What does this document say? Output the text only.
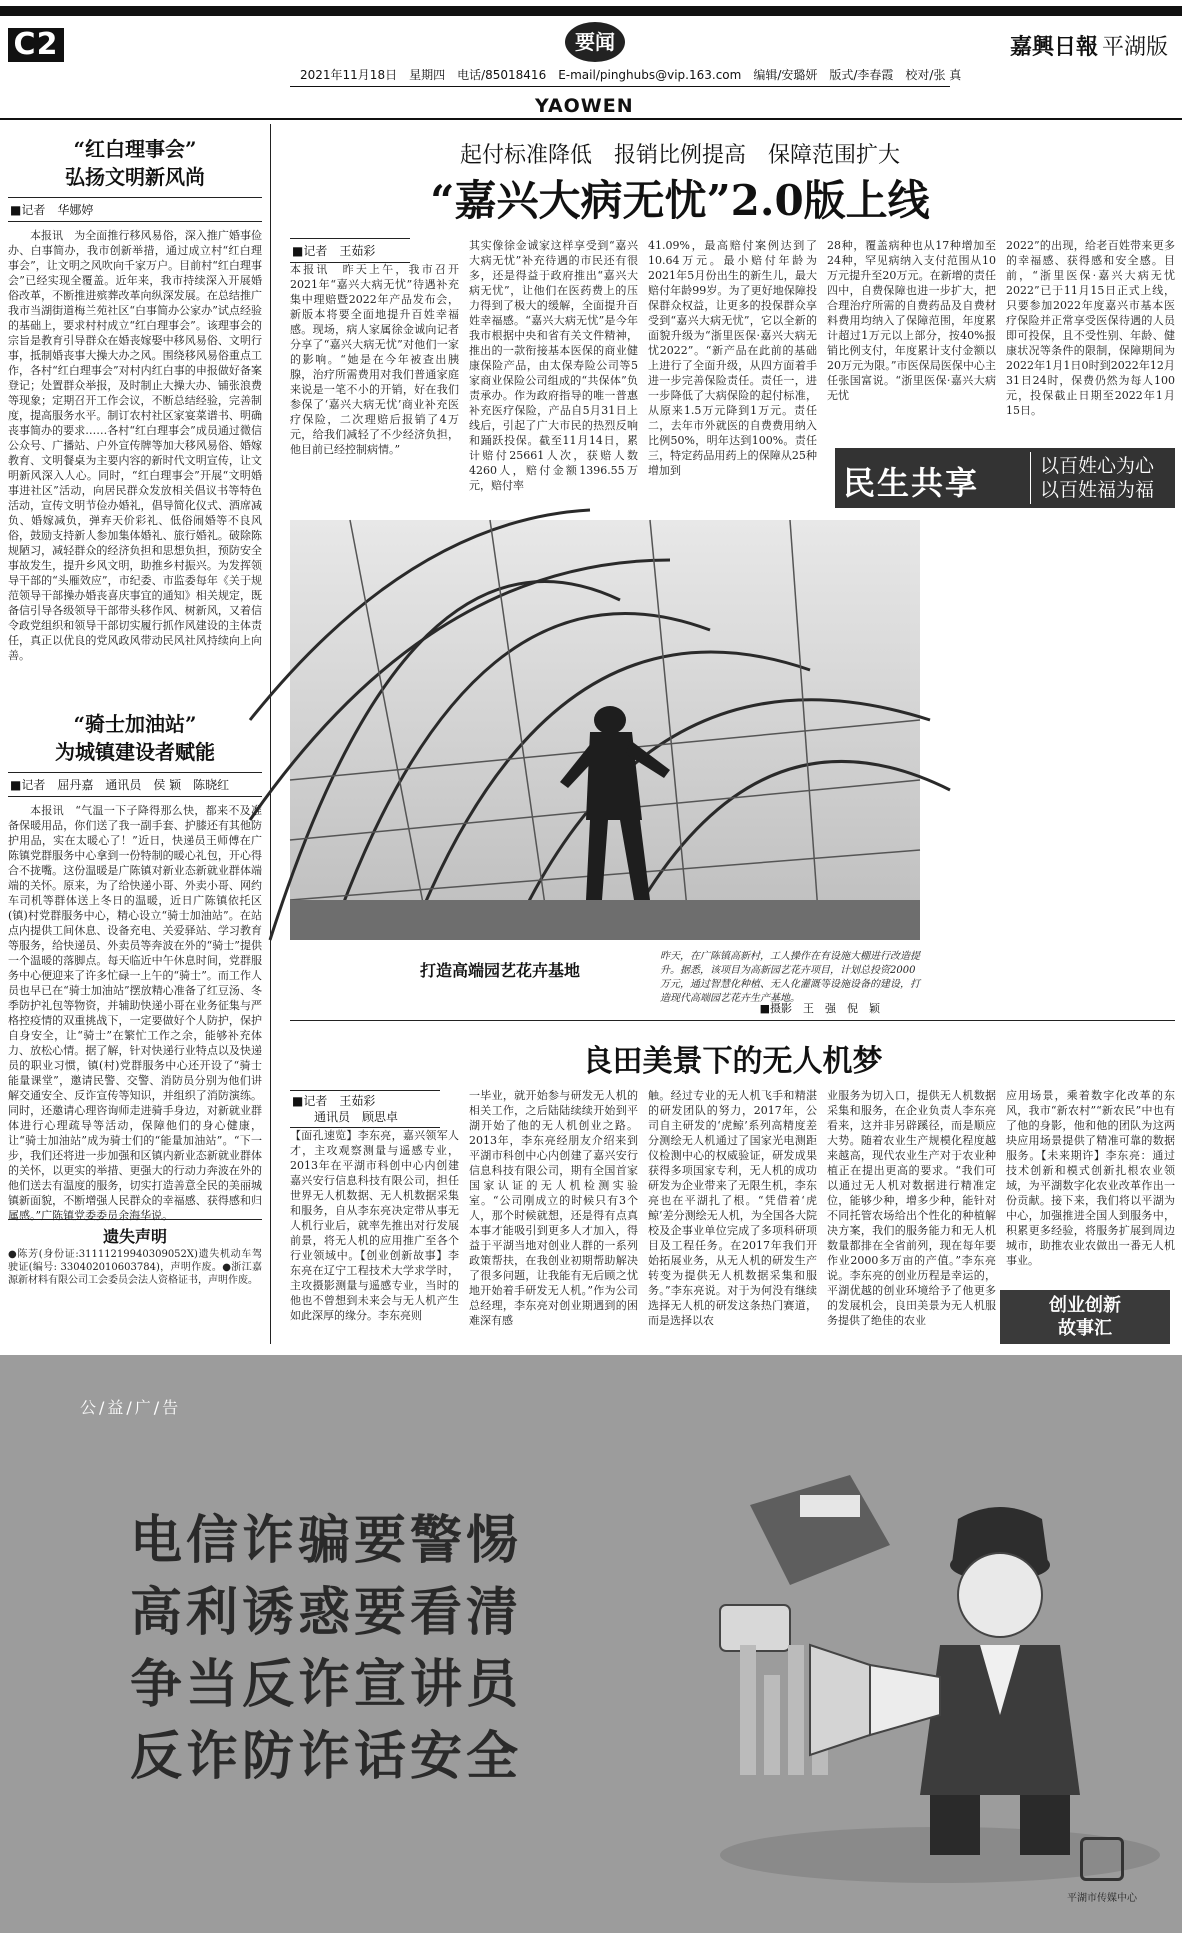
C2	要闻	嘉興日報 平湖版
2021年11月18日　星期四　电话/85018416　E-mail/pinghubs@vip.163.com　编辑/安璐妍　版式/李春霞　校对/张 真
YAOWEN
“红白理事会”
弘扬文明新风尚
■记者　华娜婷
本报讯　为全面推行移风易俗，深入推广婚事俭办、白事简办，我市创新举措，通过成立村“红白理事会”，让文明之风吹向千家万户。目前村“红白理事会”已经实现全覆盖。近年来，我市持续深入开展婚俗改革，不断推进殡葬改革向纵深发展。在总结推广我市当湖街道梅兰苑社区“白事简办公家办”试点经验的基础上，要求村村成立“红白理事会”。该理事会的宗旨是教育引导群众在婚丧嫁娶中移风易俗、文明行事，抵制婚丧事大操大办之风。围绕移风易俗重点工作，各村“红白理事会”对村内红白事的申报做好备案登记；处置群众举报，及时制止大操大办、铺张浪费等现象；定期召开工作会议，不断总结经验，完善制度，提高服务水平。制订农村社区家宴菜谱书、明确丧事简办的要求……各村“红白理事会”成员通过微信公众号、广播站、户外宣传牌等加大移风易俗、婚嫁教育、文明餐桌为主要内容的新时代文明宣传，让文明新风深入人心。同时，“红白理事会”开展“文明婚事进社区”活动，向居民群众发放相关倡议书等特色活动，宣传文明节俭办婚礼，倡导简化仪式、酒席减负、婚嫁减负，弹弃天价彩礼、低俗闹婚等不良风俗，鼓励支持新人参加集体婚礼、旅行婚礼。破除陈规陋习，减轻群众的经济负担和思想负担，预防安全事故发生，提升乡风文明，助推乡村振兴。为发挥领导干部的“头雁效应”，市纪委、市监委每年《关于规范领导干部操办婚丧喜庆事宜的通知》相关规定，既备信引导各级领导干部带头移作风、树新风，又着信令政党组织和领导干部切实履行抓作风建设的主体责任，真正以优良的党风政风带动民风社风持续向上向善。
“骑士加油站”
为城镇建设者赋能
■记者　屈丹嘉　通讯员　侯 颖　陈晓红
本报讯　“气温一下子降得那么快，都来不及准备保暖用品，你们送了我一副手套、护膝还有其他防护用品，实在太暖心了！”近日，快递员王师傅在广陈镇党群服务中心拿到一份特制的暖心礼包，开心得合不拢嘴。这份温暖是广陈镇对新业态新就业群体端端的关怀。原来，为了给快递小哥、外卖小哥、网约车司机等群体送上冬日的温暖，近日广陈镇依托区(镇)村党群服务中心，精心设立“骑士加油站”。在站点内提供工间休息、设备充电、关爱驿站、学习教育等服务，给快递员、外卖员等奔波在外的“骑士”提供一个温暖的落脚点。每天临近中午休息时间，党群服务中心便迎来了许多忙碌一上午的“骑士”。而工作人员也早已在“骑士加油站”摆放精心准备了红豆汤、冬季防护礼包等物资，并辅助快递小哥在业务征集与严格控疫情的双重挑战下，一定要做好个人防护，保护自身安全，让“骑士”在繁忙工作之余，能够补充体力、放松心情。据了解，针对快递行业特点以及快递员的职业习惯，镇(村)党群服务中心还开设了“骑士能量课堂”，邀请民警、交警、消防员分别为他们讲解交通安全、反诈宣传等知识，并组织了消防演练。同时，还邀请心理咨询师走进骑手身边，对新就业群体进行心理疏导等活动，保障他们的身心健康，让“骑士加油站”成为骑士们的“能量加油站”。“下一步，我们还将进一步加强和区镇内新业态新就业群体的关怀，以更实的举措、更强大的行动力奔波在外的他们送去有温度的服务，切实打造善意全民的美丽城镇新面貌，不断增强人民群众的幸福感、获得感和归属感。”广陈镇党委委员余海华说。
遗失声明
●陈芳(身份证:31111219940309052X)遗失机动车驾驶证(编号: 330402010603784)，声明作废。●浙江嘉源新材料有限公司工会委员会法人资格证书，声明作废。
起付标准降低　报销比例提高　保障范围扩大
“嘉兴大病无忧”2.0版上线
■记者　王茹彩
本报讯　昨天上午，我市召开2021年“嘉兴大病无忧”待遇补充集中理赔暨2022年产品发布会，新版本将要全面地提升百姓幸福感。现场，病人家属徐金诚向记者分享了“嘉兴大病无忧”对他们一家的影响。“她是在今年被查出胰腺，治疗所需费用对我们普通家庭来说是一笔不小的开销，好在我们参保了‘嘉兴大病无忧’商业补充医疗保险，二次理赔后报销了4万元，给我们减轻了不少经济负担，他目前已经控制病情。”
其实像徐金诚家这样享受到“嘉兴大病无忧”补充待遇的市民还有很多，还是得益于政府推出“嘉兴大病无忧”，让他们在医药费上的压力得到了极大的缓解，全面提升百姓幸福感。“嘉兴大病无忧”是今年我市根据中央和省有关文件精神，推出的一款衔接基本医保的商业健康保险产品，由太保寿险公司等5家商业保险公司组成的“共保体”负责承办。作为政府指导的唯一普惠补充医疗保险，产品自5月31日上线后，引起了广大市民的热烈反响和踊跃投保。截至11月14日，累计赔付25661人次，获赔人数4260人，赔付金额1396.55万元，赔付率
41.09%，最高赔付案例达到了10.64万元。最小赔付年龄为2021年5月份出生的新生儿，最大赔付年龄99岁。为了更好地保障投保群众权益，让更多的投保群众享受到“嘉兴大病无忧”，它以全新的面貌升级为“浙里医保·嘉兴大病无忧2022”。“新产品在此前的基础上进行了全面升级，从四方面着手进一步完善保险责任。责任一，进一步降低了大病保险的起付标准，从原来1.5万元降到1万元。责任二，去年市外就医的自费费用纳入比例50%，明年达到100%。责任三，特定药品用药上的保障从25种增加到
28种，覆盖病种也从17种增加至24种，罕见病纳入支付范围从10万元提升至20万元。在新增的责任四中，自费保障也进一步扩大，把合理治疗所需的自费药品及自费材料费用均纳入了保障范围，年度累计超过1万元以上部分，按40%报销比例支付，年度累计支付金额以20万元为限。”市医保局医保中心主任张国富说。“浙里医保·嘉兴大病无忧
2022”的出现，给老百姓带来更多的幸福感、获得感和安全感。目前，“浙里医保·嘉兴大病无忧2022”已于11月15日正式上线，只要参加2022年度嘉兴市基本医疗保险并正常享受医保待遇的人员即可投保，且不受性别、年龄、健康状况等条件的限制，保障期间为2022年1月1日0时到2022年12月31日24时，保费仍然为每人100元，投保截止日期至2022年1月15日。
民生共享	以百姓心为心
以百姓福为福
打造高端园艺花卉基地
昨天，在广陈镇高新村，工人操作在有设施大棚进行改造提升。据悉，该项目为高新园艺花卉项目，计划总投资2000万元，通过智慧化种植、无人化灌溉等设施设备的建设，打造现代高端园艺花卉生产基地。
■摄影　王　强　倪　颖
良田美景下的无人机梦
■记者　王茹彩
通讯员　顾思卓
【面孔速览】李东亮，嘉兴领军人才，主攻观察测量与遥感专业，2013年在平湖市科创中心内创建嘉兴安行信息科技有限公司，担任世界无人机数据、无人机数据采集和服务，自从李东亮决定带从事无人机行业后，就率先推出对行发展前景，将无人机的应用推广至各个行业领域中。【创业创新故事】李东亮在辽宁工程技术大学求学时，主攻摄影测量与遥感专业，当时的他也不曾想到未来会与无人机产生如此深厚的缘分。李东亮则
一毕业，就开始参与研发无人机的相关工作，之后陆陆续续开始到平湖开始了他的无人机创业之路。2013年，李东亮经朋友介绍来到平湖市科创中心内创建了嘉兴安行信息科技有限公司，期有全国首家国家认证的无人机检测实验室。“公司刚成立的时候只有3个人，那个时候就想，还是得有点真本事才能吸引到更多人才加入，得益于平湖当地对创业人群的一系列政策帮扶，在我创业初期帮助解决了很多问题，让我能有无后顾之忧地开始着手研发无人机。”作为公司总经理，李东亮对创业期遇到的困难深有感
触。经过专业的无人机飞手和精湛的研发团队的努力，2017年，公司自主研发的‘虎鲸’系列高精度差分测绘无人机通过了国家光电测距仪检测中心的权威验证，研发成果获得多项国家专利，无人机的成功研发为企业带来了无限生机，李东亮也在平湖扎了根。“凭借着‘虎鲸’差分测绘无人机，为全国各大院校及企事业单位完成了多项科研项目及工程任务。在2017年我们开始拓展业务，从无人机的研发生产转变为提供无人机数据采集和服务。”李东亮说。对于为何没有继续选择无人机的研发这条热门赛道，而是选择以农
业服务为切入口，提供无人机数据采集和服务，在企业负责人李东亮看来，这并非另辟蹊径，而是顺应大势。随着农业生产规模化程度越来越高，现代农业生产对于农业种植正在提出更高的要求。“我们可以通过无人机对数据进行精准定位，能够少种，增多少种，能针对不同托管农场给出个性化的种植解决方案，我们的服务能力和无人机数量都排在全省前列，现在每年要作业2000多万亩的产值。”李东亮说。李东亮的创业历程是幸运的，平湖优越的创业环境给予了他更多的发展机会，良田美景为无人机服务提供了绝佳的农业
应用场景，乘着数字化改革的东风，我市“新农村”“新农民”中也有了他的身影，他和他的团队为这两块应用场景提供了精准可靠的数据服务。【未来期许】李东亮：通过技术创新和模式创新扎根农业领域，为平湖数字化农业改革作出一份贡献。接下来，我们将以平湖为中心，加强推进全国人到服务中，积累更多经验，将服务扩展到周边城市，助推农业农做出一番无人机事业。
创业创新
故事汇
公/益/广/告
电信诈骗要警惕
高利诱惑要看清
争当反诈宣讲员
反诈防诈话安全
平湖市传媒中心
